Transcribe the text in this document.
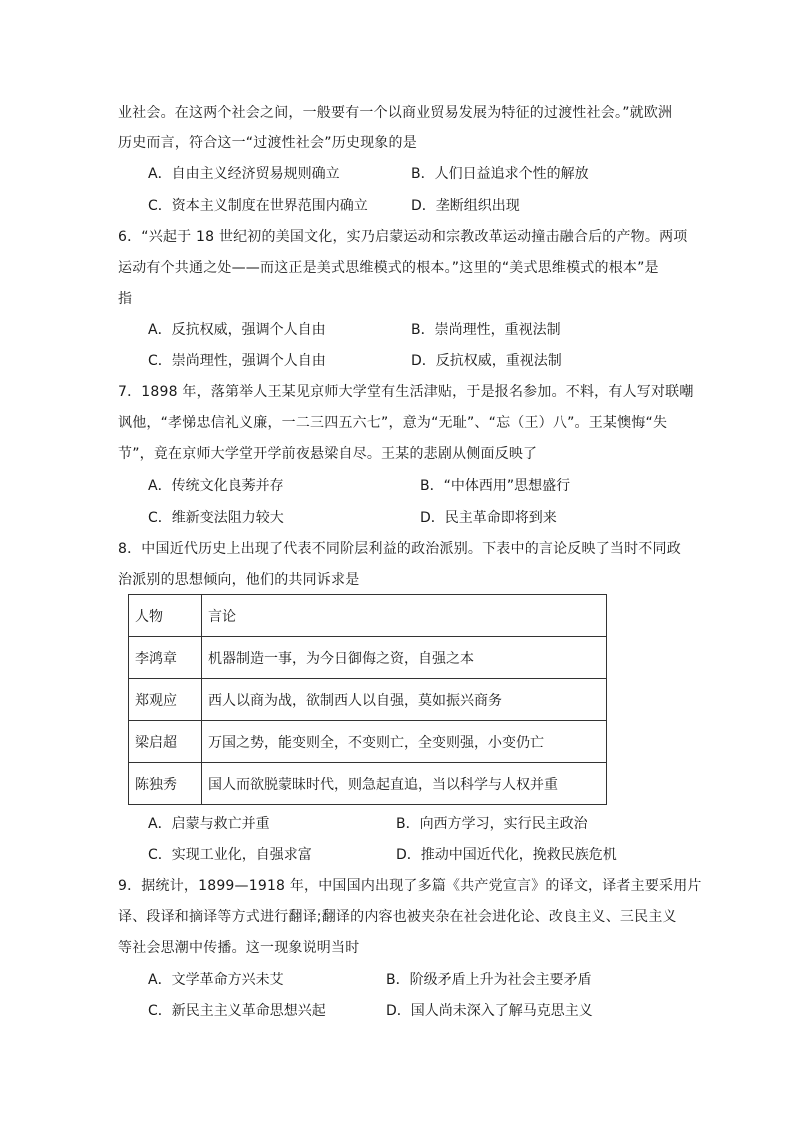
业社会。在这两个社会之间，一般要有一个以商业贸易发展为特征的过渡性社会。”就欧洲
历史而言，符合这一“过渡性社会”历史现象的是
A．自由主义经济贸易规则确立	B．人们日益追求个性的解放
C．资本主义制度在世界范围内确立	D．垄断组织出现
6．“兴起于 18 世纪初的美国文化，实乃启蒙运动和宗教改革运动撞击融合后的产物。两项
运动有个共通之处——而这正是美式思维模式的根本。”这里的“美式思维模式的根本”是
指
A．反抗权威，强调个人自由	B．崇尚理性，重视法制
C．崇尚理性，强调个人自由	D．反抗权威，重视法制
7．1898 年，落第举人王某见京师大学堂有生活津贴，于是报名参加。不料，有人写对联嘲
讽他，“孝悌忠信礼义廉，一二三四五六七”，意为“无耻”、“忘（王）八”。王某懊悔“失
节”，竟在京师大学堂开学前夜悬梁自尽。王某的悲剧从侧面反映了
A．传统文化良莠并存	B．“中体西用”思想盛行
C．维新变法阻力较大	D．民主革命即将到来
8．中国近代历史上出现了代表不同阶层利益的政治派别。下表中的言论反映了当时不同政
治派别的思想倾向，他们的共同诉求是
人物	言论
李鸿章	机器制造一事，为今日御侮之资，自强之本
郑观应	西人以商为战，欲制西人以自强，莫如振兴商务
梁启超	万国之势，能变则全，不变则亡，全变则强，小变仍亡
陈独秀	国人而欲脱蒙昧时代，则急起直追，当以科学与人权并重
A．启蒙与救亡并重	B．向西方学习，实行民主政治
C．实现工业化，自强求富	D．推动中国近代化，挽救民族危机
9．据统计，1899—1918 年，中国国内出现了多篇《共产党宣言》的译文，译者主要采用片
译、段译和摘译等方式进行翻译;翻译的内容也被夹杂在社会进化论、改良主义、三民主义
等社会思潮中传播。这一现象说明当时
A．文学革命方兴未艾	B．阶级矛盾上升为社会主要矛盾
C．新民主主义革命思想兴起	D．国人尚未深入了解马克思主义
